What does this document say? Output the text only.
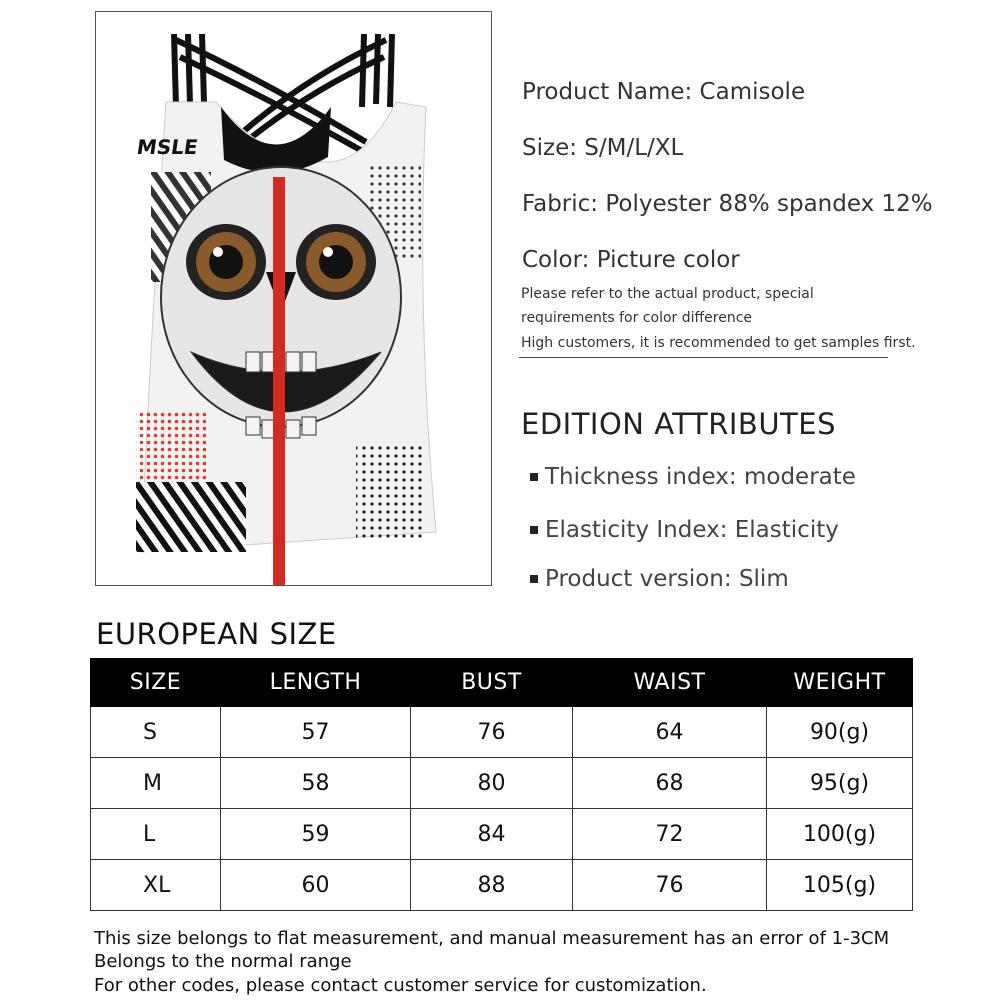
MSLE
Product Name: Camisole
Size: S/M/L/XL
Fabric: Polyester 88% spandex 12%
Color: Picture color
Please refer to the actual product, special
requirements for color difference
High customers, it is recommended to get samples first.
EDITION ATTRIBUTES
Thickness index: moderate
Elasticity Index: Elasticity
Product version: Slim
EUROPEAN SIZE
SIZE	LENGTH	BUST	WAIST	WEIGHT
S	57	76	64	90(g)
M	58	80	68	95(g)
L	59	84	72	100(g)
XL	60	88	76	105(g)
This size belongs to flat measurement, and manual measurement has an error of 1-3CM
Belongs to the normal range
For other codes, please contact customer service for customization.
